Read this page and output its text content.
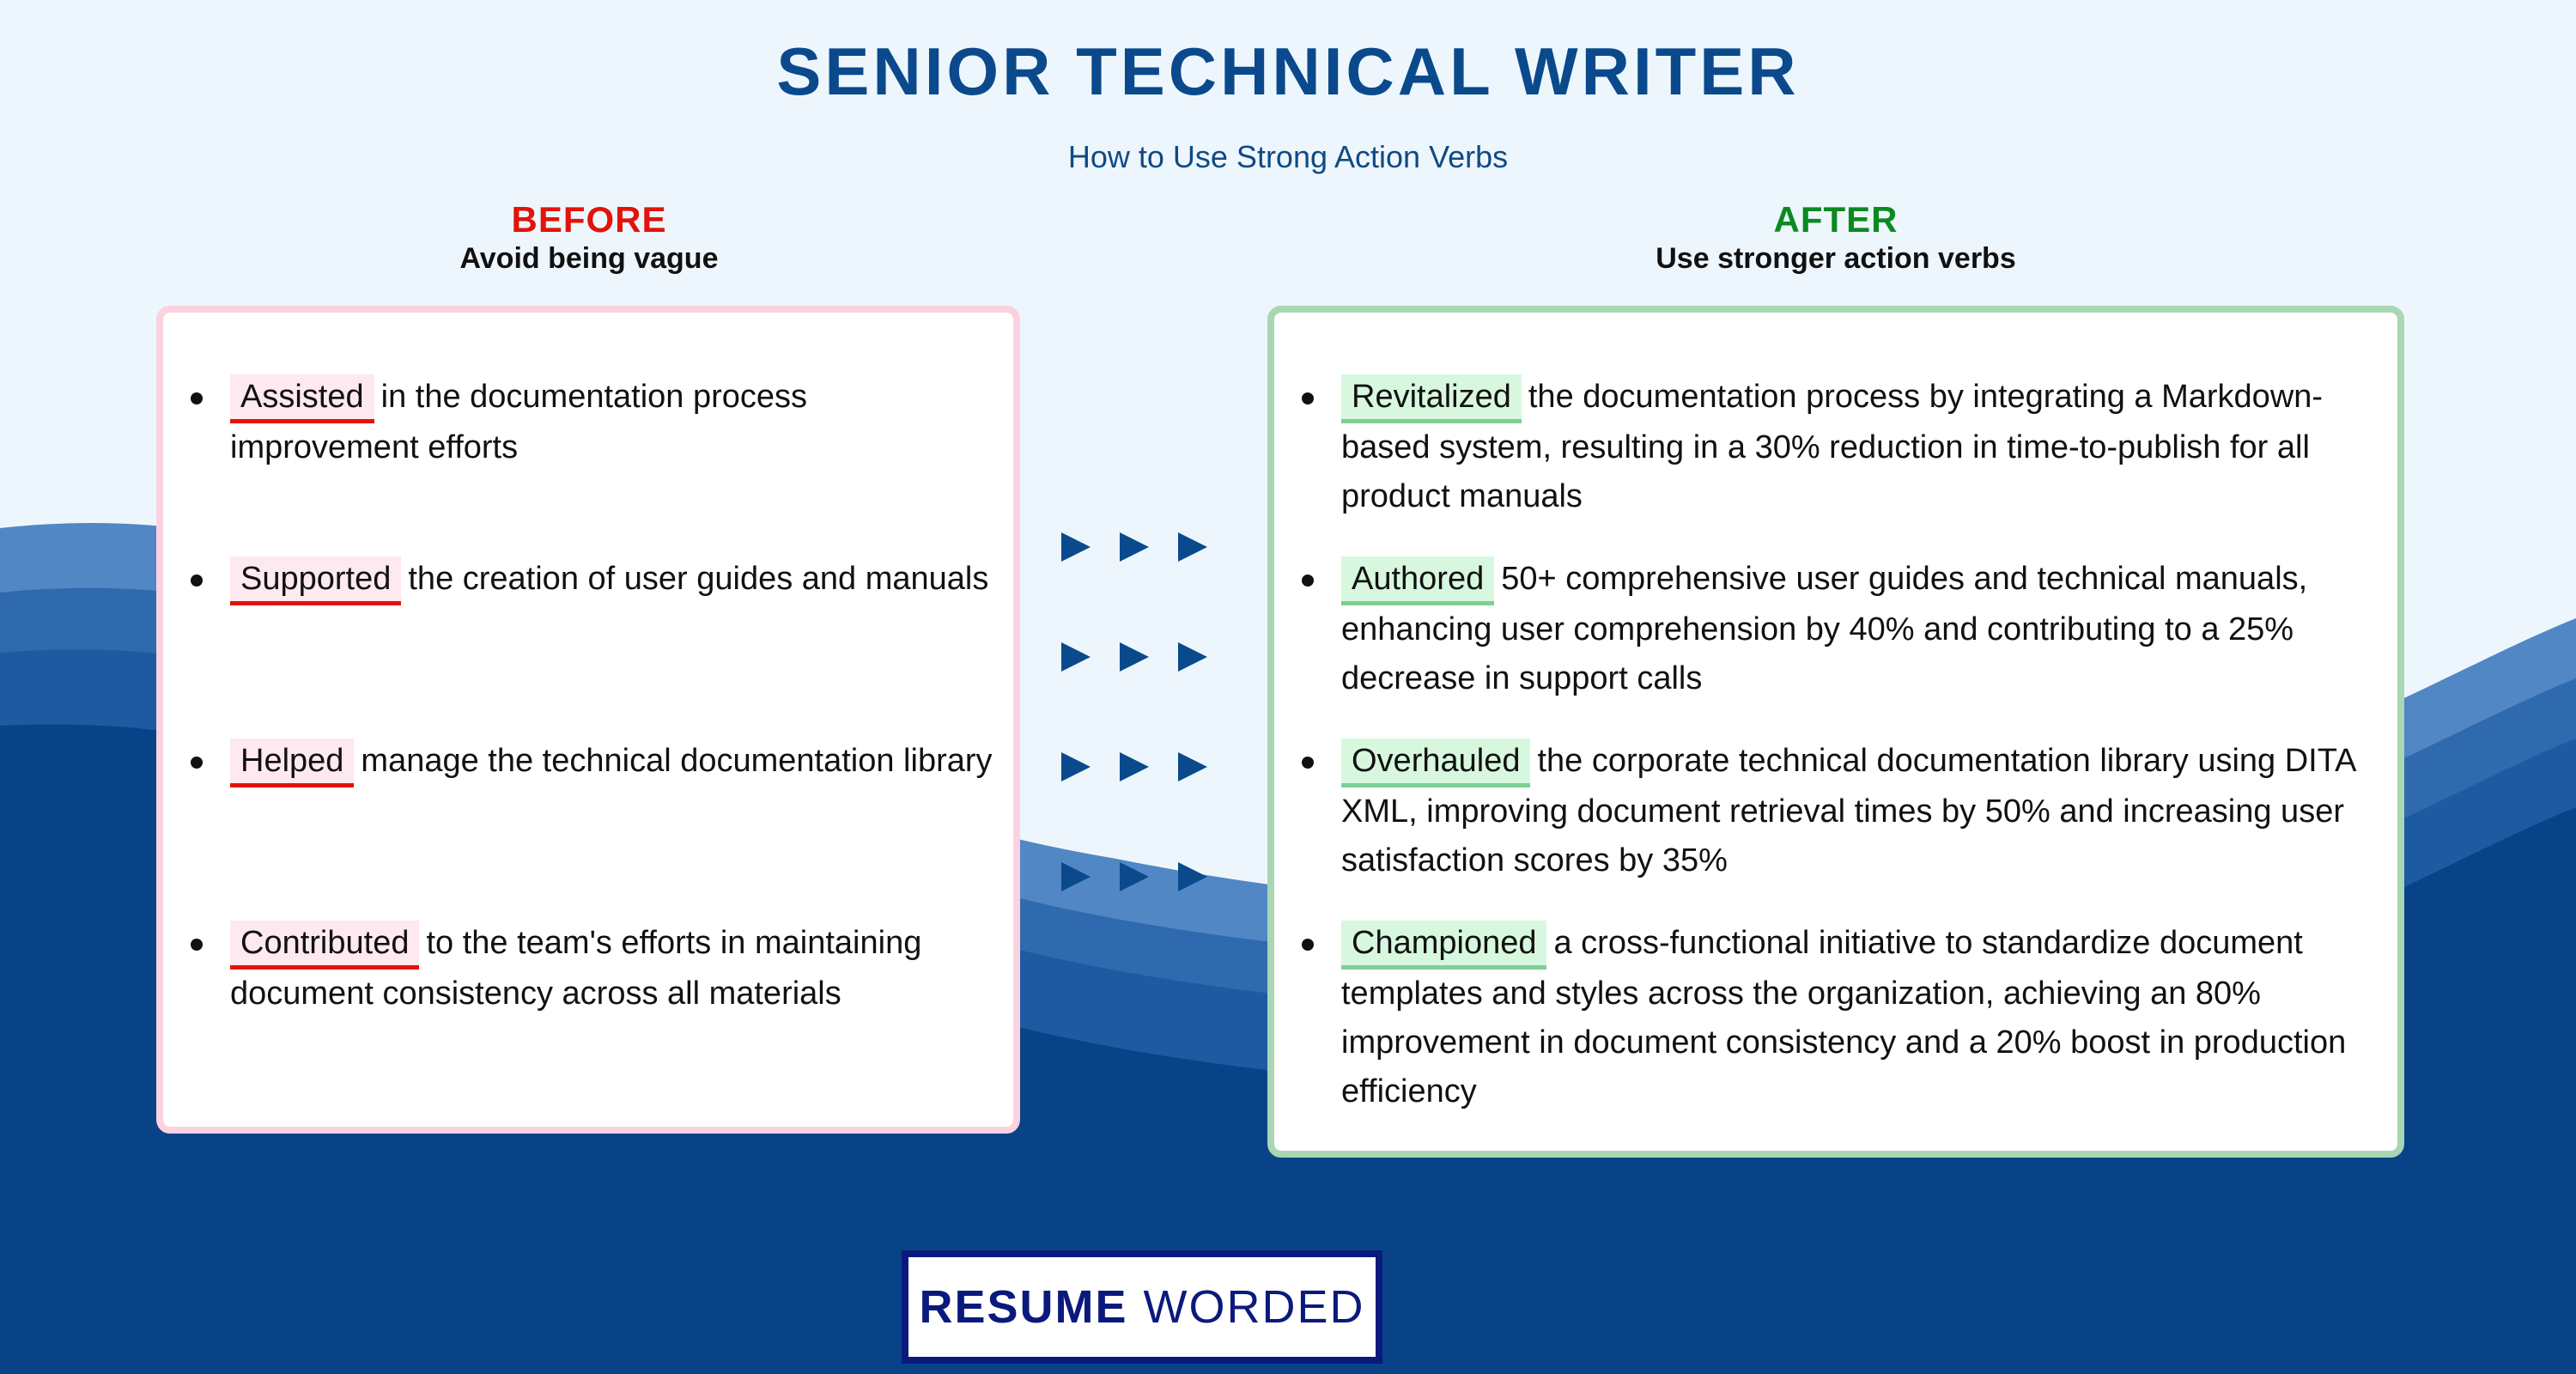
SENIOR TECHNICAL WRITER
How to Use Strong Action Verbs
BEFORE
Avoid being vague
AFTER
Use stronger action verbs
Assisted in the documentation process improvement efforts
Supported the creation of user guides and manuals
Helped manage the technical documentation library
Contributed to the team's efforts in maintaining document consistency across all materials
Revitalized the documentation process by integrating a Markdown-based system, resulting in a 30% reduction in time-to-publish for all product manuals
Authored 50+ comprehensive user guides and technical manuals, enhancing user comprehension by 40% and contributing to a 25% decrease in support calls
Overhauled the corporate technical documentation library using DITA XML, improving document retrieval times by 50% and increasing user satisfaction scores by 35%
Championed a cross-functional initiative to standardize document templates and styles across the organization, achieving an 80% improvement in document consistency and a 20% boost in production efficiency
RESUME WORDED
